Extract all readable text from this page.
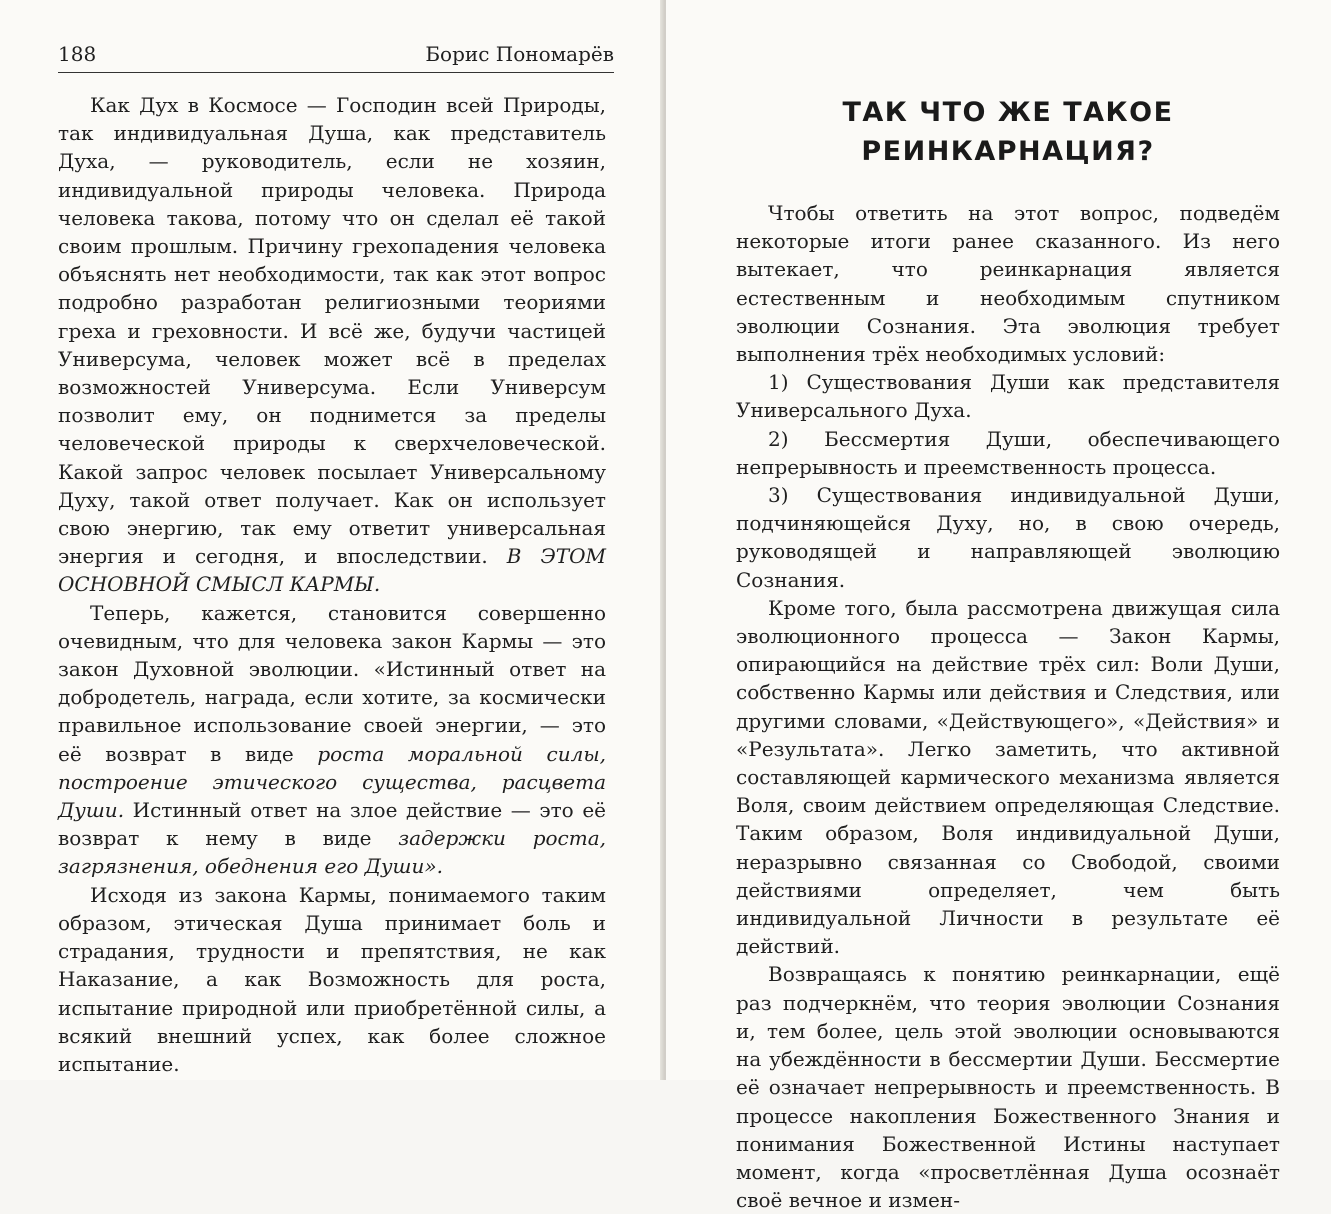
188	Борис Пономарёв

Как Дух в Космосе — Господин всей Природы, так индивидуальная Душа, как представитель Духа, — руководитель, если не хозяин, индивидуальной природы человека. Природа человека такова, потому что он сделал её такой своим прошлым. Причину грехопадения человека объяснять нет необходимости, так как этот вопрос подробно разработан религиозными теориями греха и греховности. И всё же, будучи частицей Универсума, человек может всё в пределах возможностей Универсума. Если Универсум позволит ему, он поднимется за пределы человеческой природы к сверхчеловеческой. Какой запрос человек посылает Универсальному Духу, такой ответ получает. Как он использует свою энергию, так ему ответит универсальная энергия и сегодня, и впоследствии. В ЭТОМ ОСНОВНОЙ СМЫСЛ КАРМЫ.

Теперь, кажется, становится совершенно очевидным, что для человека закон Кармы — это закон Духовной эволюции. «Истинный ответ на добродетель, награда, если хотите, за космически правильное использование своей энергии, — это её возврат в виде роста моральной силы, построение этического существа, расцвета Души. Истинный ответ на злое действие — это её возврат к нему в виде задержки роста, загрязнения, обеднения его Души».

Исходя из закона Кармы, понимаемого таким образом, этическая Душа принимает боль и страдания, трудности и препятствия, не как Наказание, а как Возможность для роста, испытание природной или приобретённой силы, а всякий внешний успех, как более сложное испытание.

ТАК ЧТО ЖЕ ТАКОЕ
РЕИНКАРНАЦИЯ?

Чтобы ответить на этот вопрос, подведём некоторые итоги ранее сказанного. Из него вытекает, что реинкарнация является естественным и необходимым спутником эволюции Сознания. Эта эволюция требует выполнения трёх необходимых условий:

1) Существования Души как представителя Универсального Духа.

2) Бессмертия Души, обеспечивающего непрерывность и преемственность процесса.

3) Существования индивидуальной Души, подчиняющейся Духу, но, в свою очередь, руководящей и направляющей эволюцию Сознания.

Кроме того, была рассмотрена движущая сила эволюционного процесса — Закон Кармы, опирающийся на действие трёх сил: Воли Души, собственно Кармы или действия и Следствия, или другими словами, «Действующего», «Действия» и «Результата». Легко заметить, что активной составляющей кармического механизма является Воля, своим действием определяющая Следствие. Таким образом, Воля индивидуальной Души, неразрывно связанная со Свободой, своими действиями определяет, чем быть индивидуальной Личности в результате её действий.

Возвращаясь к понятию реинкарнации, ещё раз подчеркнём, что теория эволюции Сознания и, тем более, цель этой эволюции основываются на убеждённости в бессмертии Души. Бессмертие её означает непрерывность и преемственность. В процессе накопления Божественного Знания и понимания Божественной Истины наступает момент, когда «просветлённая Душа осознаёт своё вечное и измен-
